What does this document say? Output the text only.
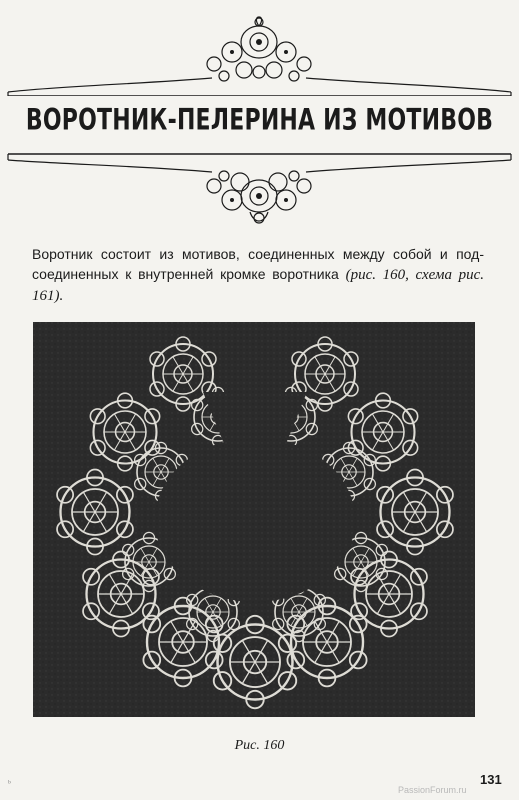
ВОРОТНИК-ПЕЛЕРИНА ИЗ МОТИВОВ
Воротник состоит из мотивов, соединенных между собой и под-соединенных к внутренней кромке воротника (рис. 160, схема рис. 161).
Рис. 160
131
PassionForum.ru
ᵇ
